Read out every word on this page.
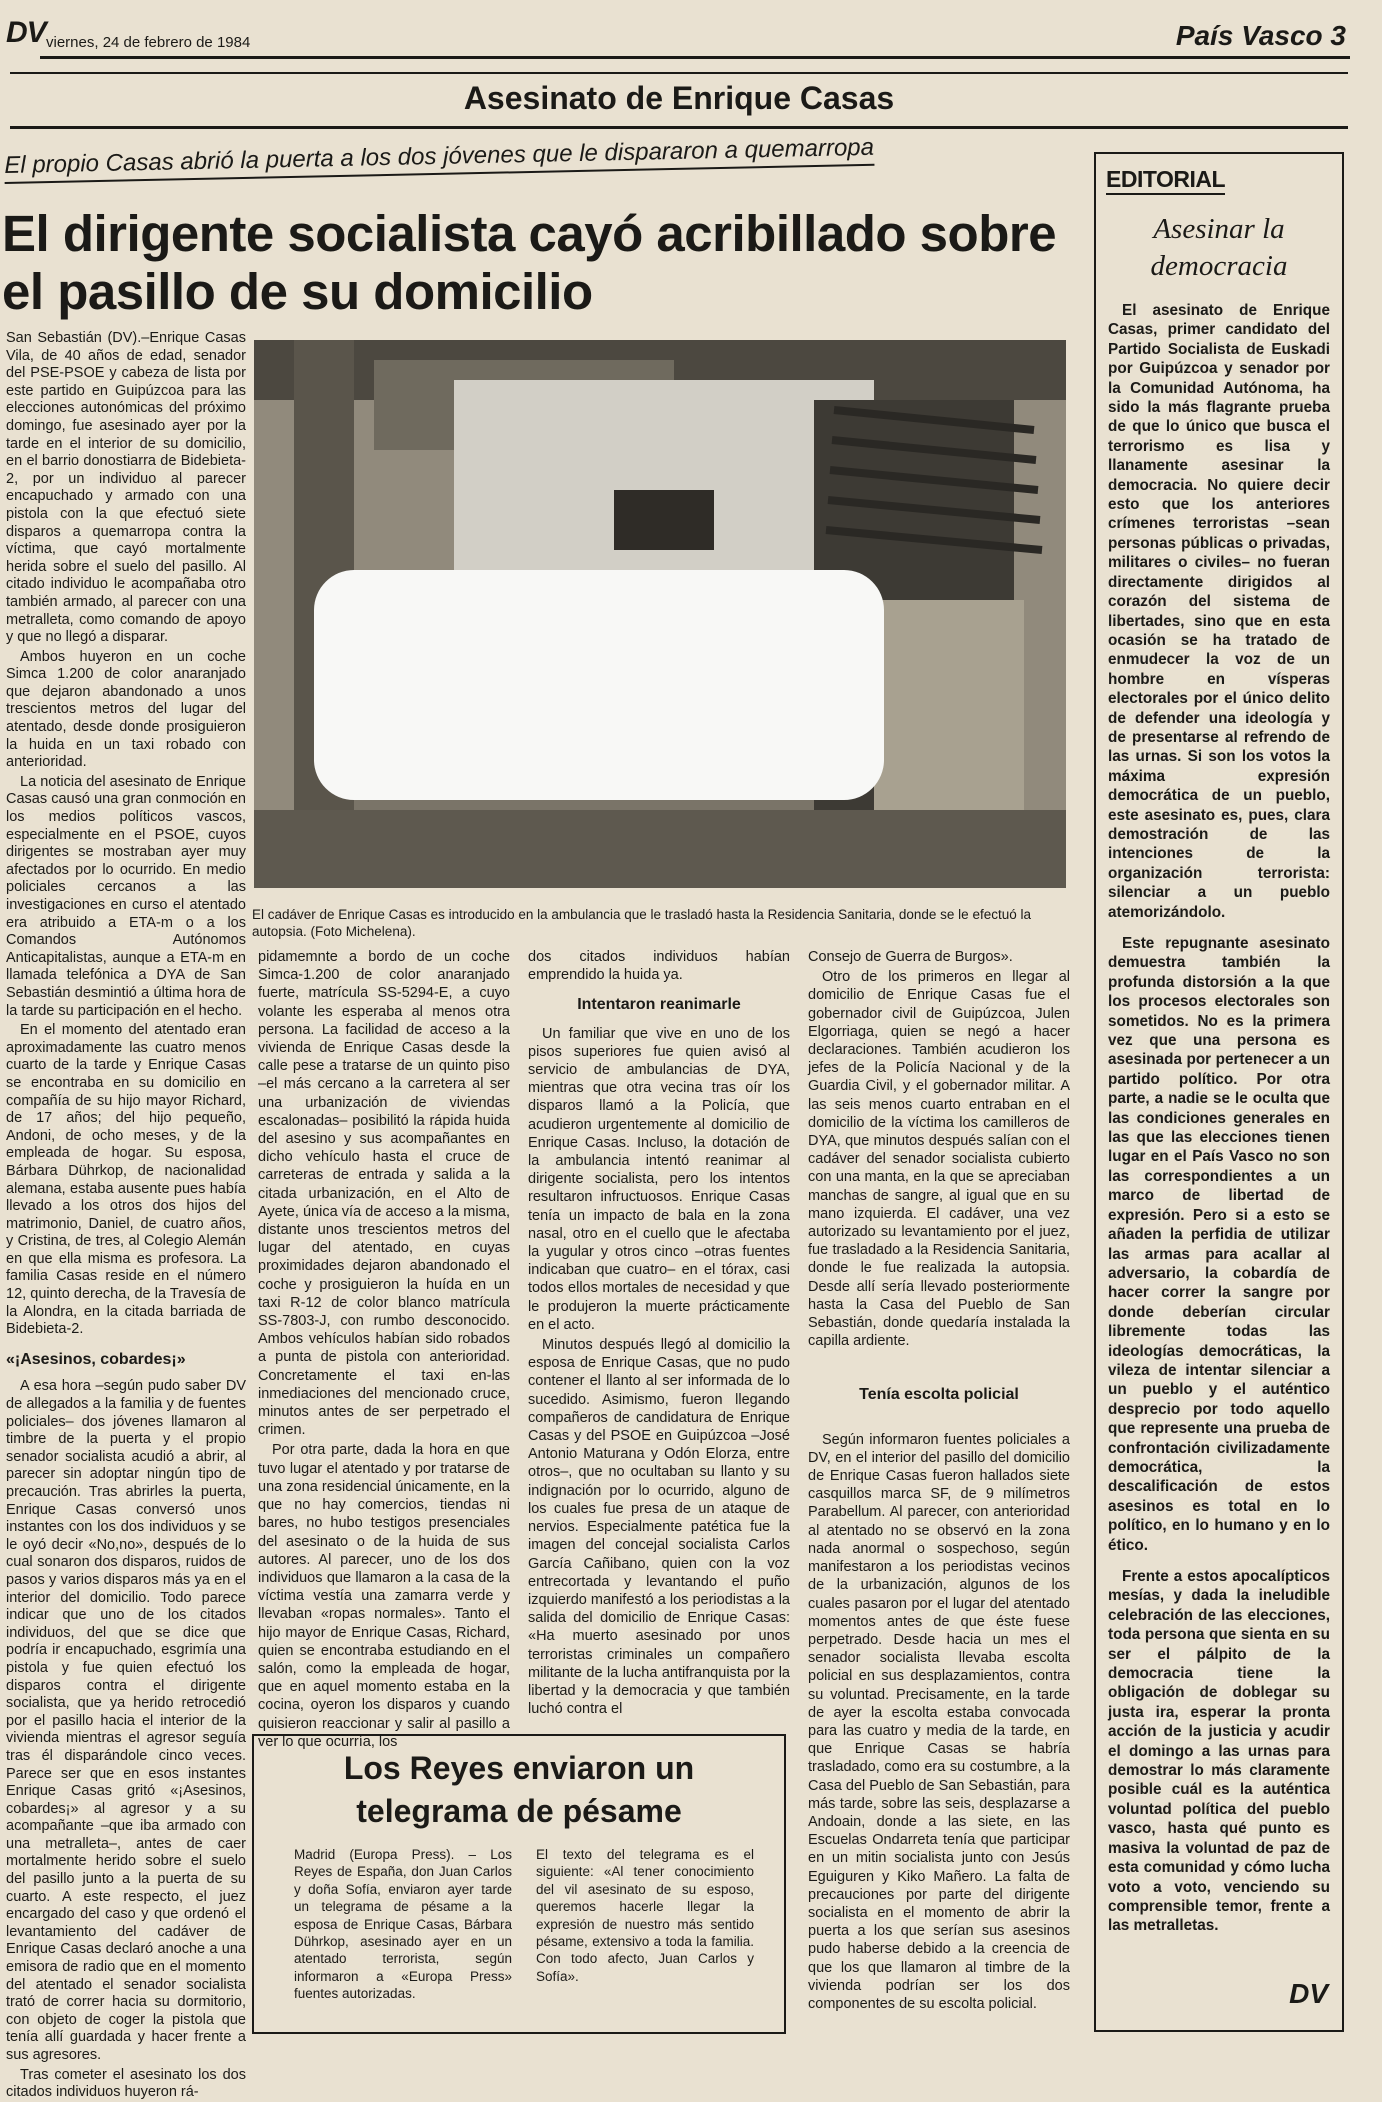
DV viernes, 24 de febrero de 1984	País Vasco 3
Asesinato de Enrique Casas
El propio Casas abrió la puerta a los dos jóvenes que le dispararon a quemarropa
El dirigente socialista cayó acribillado sobre
el pasillo de su domicilio
El cadáver de Enrique Casas es introducido en la ambulancia que le trasladó hasta la Residencia Sanitaria, donde se le efectuó la autopsia. (Foto Michelena).

San Sebastián (DV).–Enrique Casas Vila, de 40 años de edad, senador del PSE-PSOE y cabeza de lista por este partido en Guipúzcoa para las elecciones autonómicas del próximo domingo, fue asesinado ayer por la tarde en el interior de su domicilio, en el barrio donostiarra de Bidebieta-2, por un individuo al parecer encapuchado y armado con una pistola con la que efectuó siete disparos a quemarropa contra la víctima, que cayó mortalmente herida sobre el suelo del pasillo. Al citado individuo le acompañaba otro también armado, al parecer con una metralleta, como comando de apoyo y que no llegó a disparar.

Ambos huyeron en un coche Simca 1.200 de color anaranjado que dejaron abandonado a unos trescientos metros del lugar del atentado, desde donde prosiguieron la huida en un taxi robado con anterioridad.

La noticia del asesinato de Enrique Casas causó una gran conmoción en los medios políticos vascos, especialmente en el PSOE, cuyos dirigentes se mostraban ayer muy afectados por lo ocurrido. En medio policiales cercanos a las investigaciones en curso el atentado era atribuido a ETA-m o a los Comandos Autónomos Anticapitalistas, aunque a ETA-m en llamada telefónica a DYA de San Sebastián desmintió a última hora de la tarde su participación en el hecho.

En el momento del atentado eran aproximadamente las cuatro menos cuarto de la tarde y Enrique Casas se encontraba en su domicilio en compañía de su hijo mayor Richard, de 17 años; del hijo pequeño, Andoni, de ocho meses, y de la empleada de hogar. Su esposa, Bárbara Dührkop, de nacionalidad alemana, estaba ausente pues había llevado a los otros dos hijos del matrimonio, Daniel, de cuatro años, y Cristina, de tres, al Colegio Alemán en que ella misma es profesora. La familia Casas reside en el número 12, quinto derecha, de la Travesía de la Alondra, en la citada barriada de Bidebieta-2.

«¡Asesinos, cobardes¡»

A esa hora –según pudo saber DV de allegados a la familia y de fuentes policiales– dos jóvenes llamaron al timbre de la puerta y el propio senador socialista acudió a abrir, al parecer sin adoptar ningún tipo de precaución. Tras abrirles la puerta, Enrique Casas conversó unos instantes con los dos individuos y se le oyó decir «No,no», después de lo cual sonaron dos disparos, ruidos de pasos y varios disparos más ya en el interior del domicilio. Todo parece indicar que uno de los citados individuos, del que se dice que podría ir encapuchado, esgrimía una pistola y fue quien efectuó los disparos contra el dirigente socialista, que ya herido retrocedió por el pasillo hacia el interior de la vivienda mientras el agresor seguía tras él disparándole cinco veces. Parece ser que en esos instantes Enrique Casas gritó «¡Asesinos, cobardes¡» al agresor y a su acompañante –que iba armado con una metralleta–, antes de caer mortalmente herido sobre el suelo del pasillo junto a la puerta de su cuarto. A este respecto, el juez encargado del caso y que ordenó el levantamiento del cadáver de Enrique Casas declaró anoche a una emisora de radio que en el momento del atentado el senador socialista trató de correr hacia su dormitorio, con objeto de coger la pistola que tenía allí guardada y hacer frente a sus agresores.

Tras cometer el asesinato los dos citados individuos huyeron rá-

pidamemnte a bordo de un coche Simca-1.200 de color anaranjado fuerte, matrícula SS-5294-E, a cuyo volante les esperaba al menos otra persona. La facilidad de acceso a la vivienda de Enrique Casas desde la calle pese a tratarse de un quinto piso –el más cercano a la carretera al ser una urbanización de viviendas escalonadas– posibilitó la rápida huida del asesino y sus acompañantes en dicho vehículo hasta el cruce de carreteras de entrada y salida a la citada urbanización, en el Alto de Ayete, única vía de acceso a la misma, distante unos trescientos metros del lugar del atentado, en cuyas proximidades dejaron abandonado el coche y prosiguieron la huída en un taxi R-12 de color blanco matrícula SS-7803-J, con rumbo desconocido. Ambos vehículos habían sido robados a punta de pistola con anterioridad. Concretamente el taxi en-las inmediaciones del mencionado cruce, minutos antes de ser perpetrado el crimen.

Por otra parte, dada la hora en que tuvo lugar el atentado y por tratarse de una zona residencial únicamente, en la que no hay comercios, tiendas ni bares, no hubo testigos presenciales del asesinato o de la huida de sus autores. Al parecer, uno de los dos individuos que llamaron a la casa de la víctima vestía una zamarra verde y llevaban «ropas normales». Tanto el hijo mayor de Enrique Casas, Richard, quien se encontraba estudiando en el salón, como la empleada de hogar, que en aquel momento estaba en la cocina, oyeron los disparos y cuando quisieron reaccionar y salir al pasillo a ver lo que ocurría, los

dos citados individuos habían emprendido la huida ya.

Intentaron reanimarle

Un familiar que vive en uno de los pisos superiores fue quien avisó al servicio de ambulancias de DYA, mientras que otra vecina tras oír los disparos llamó a la Policía, que acudieron urgentemente al domicilio de Enrique Casas. Incluso, la dotación de la ambulancia intentó reanimar al dirigente socialista, pero los intentos resultaron infructuosos. Enrique Casas tenía un impacto de bala en la zona nasal, otro en el cuello que le afectaba la yugular y otros cinco –otras fuentes indicaban que cuatro– en el tórax, casi todos ellos mortales de necesidad y que le produjeron la muerte prácticamente en el acto.

Minutos después llegó al domicilio la esposa de Enrique Casas, que no pudo contener el llanto al ser informada de lo sucedido. Asimismo, fueron llegando compañeros de candidatura de Enrique Casas y del PSOE en Guipúzcoa –José Antonio Maturana y Odón Elorza, entre otros–, que no ocultaban su llanto y su indignación por lo ocurrido, alguno de los cuales fue presa de un ataque de nervios. Especialmente patética fue la imagen del concejal socialista Carlos García Cañibano, quien con la voz entrecortada y levantando el puño izquierdo manifestó a los periodistas a la salida del domicilio de Enrique Casas: «Ha muerto asesinado por unos terroristas criminales un compañero militante de la lucha antifranquista por la libertad y la democracia y que también luchó contra el

Consejo de Guerra de Burgos».

Otro de los primeros en llegar al domicilio de Enrique Casas fue el gobernador civil de Guipúzcoa, Julen Elgorriaga, quien se negó a hacer declaraciones. También acudieron los jefes de la Policía Nacional y de la Guardia Civil, y el gobernador militar. A las seis menos cuarto entraban en el domicilio de la víctima los camilleros de DYA, que minutos después salían con el cadáver del senador socialista cubierto con una manta, en la que se apreciaban manchas de sangre, al igual que en su mano izquierda. El cadáver, una vez autorizado su levantamiento por el juez, fue trasladado a la Residencia Sanitaria, donde le fue realizada la autopsia. Desde allí sería llevado posteriormente hasta la Casa del Pueblo de San Sebastián, donde quedaría instalada la capilla ardiente.

Tenía escolta policial

Según informaron fuentes policiales a DV, en el interior del pasillo del domicilio de Enrique Casas fueron hallados siete casquillos marca SF, de 9 milímetros Parabellum. Al parecer, con anterioridad al atentado no se observó en la zona nada anormal o sospechoso, según manifestaron a los periodistas vecinos de la urbanización, algunos de los cuales pasaron por el lugar del atentado momentos antes de que éste fuese perpetrado. Desde hacia un mes el senador socialista llevaba escolta policial en sus desplazamientos, contra su voluntad. Precisamente, en la tarde de ayer la escolta estaba convocada para las cuatro y media de la tarde, en que Enrique Casas se habría trasladado, como era su costumbre, a la Casa del Pueblo de San Sebastián, para más tarde, sobre las seis, desplazarse a Andoain, donde a las siete, en las Escuelas Ondarreta tenía que participar en un mitin socialista junto con Jesús Eguiguren y Kiko Mañero. La falta de precauciones por parte del dirigente socialista en el momento de abrir la puerta a los que serían sus asesinos pudo haberse debido a la creencia de que los que llamaron al timbre de la vivienda podrían ser los dos componentes de su escolta policial.

Los Reyes enviaron un
telegrama de pésame
Madrid (Europa Press). – Los Reyes de España, don Juan Carlos y doña Sofía, enviaron ayer tarde un telegrama de pésame a la esposa de Enrique Casas, Bárbara Dührkop, asesinado ayer en un atentado terrorista, según informaron a «Europa Press» fuentes autorizadas.
El texto del telegrama es el siguiente: «Al tener conocimiento del vil asesinato de su esposo, queremos hacerle llegar la expresión de nuestro más sentido pésame, extensivo a toda la familia. Con todo afecto, Juan Carlos y Sofía».
EDITORIAL
Asesinar la
democracia

El asesinato de Enrique Casas, primer candidato del Partido Socialista de Euskadi por Guipúzcoa y senador por la Comunidad Autónoma, ha sido la más flagrante prueba de que lo único que busca el terrorismo es lisa y llanamente asesinar la democracia. No quiere decir esto que los anteriores crímenes terroristas –sean personas públicas o privadas, militares o civiles– no fueran directamente dirigidos al corazón del sistema de libertades, sino que en esta ocasión se ha tratado de enmudecer la voz de un hombre en vísperas electorales por el único delito de defender una ideología y de presentarse al refrendo de las urnas. Si son los votos la máxima expresión democrática de un pueblo, este asesinato es, pues, clara demostración de las intenciones de la organización terrorista: silenciar a un pueblo atemorizándolo.

Este repugnante asesinato demuestra también la profunda distorsión a la que los procesos electorales son sometidos. No es la primera vez que una persona es asesinada por pertenecer a un partido político. Por otra parte, a nadie se le oculta que las condiciones generales en las que las elecciones tienen lugar en el País Vasco no son las correspondientes a un marco de libertad de expresión. Pero si a esto se añaden la perfidia de utilizar las armas para acallar al adversario, la cobardía de hacer correr la sangre por donde deberían circular libremente todas las ideologías democráticas, la vileza de intentar silenciar a un pueblo y el auténtico desprecio por todo aquello que represente una prueba de confrontación civilizadamente democrática, la descalificación de estos asesinos es total en lo político, en lo humano y en lo ético.

Frente a estos apocalípticos mesías, y dada la ineludible celebración de las elecciones, toda persona que sienta en su ser el pálpito de la democracia tiene la obligación de doblegar su justa ira, esperar la pronta acción de la justicia y acudir el domingo a las urnas para demostrar lo más claramente posible cuál es la auténtica voluntad política del pueblo vasco, hasta qué punto es masiva la voluntad de paz de esta comunidad y cómo lucha voto a voto, venciendo su comprensible temor, frente a las metralletas.

DV
